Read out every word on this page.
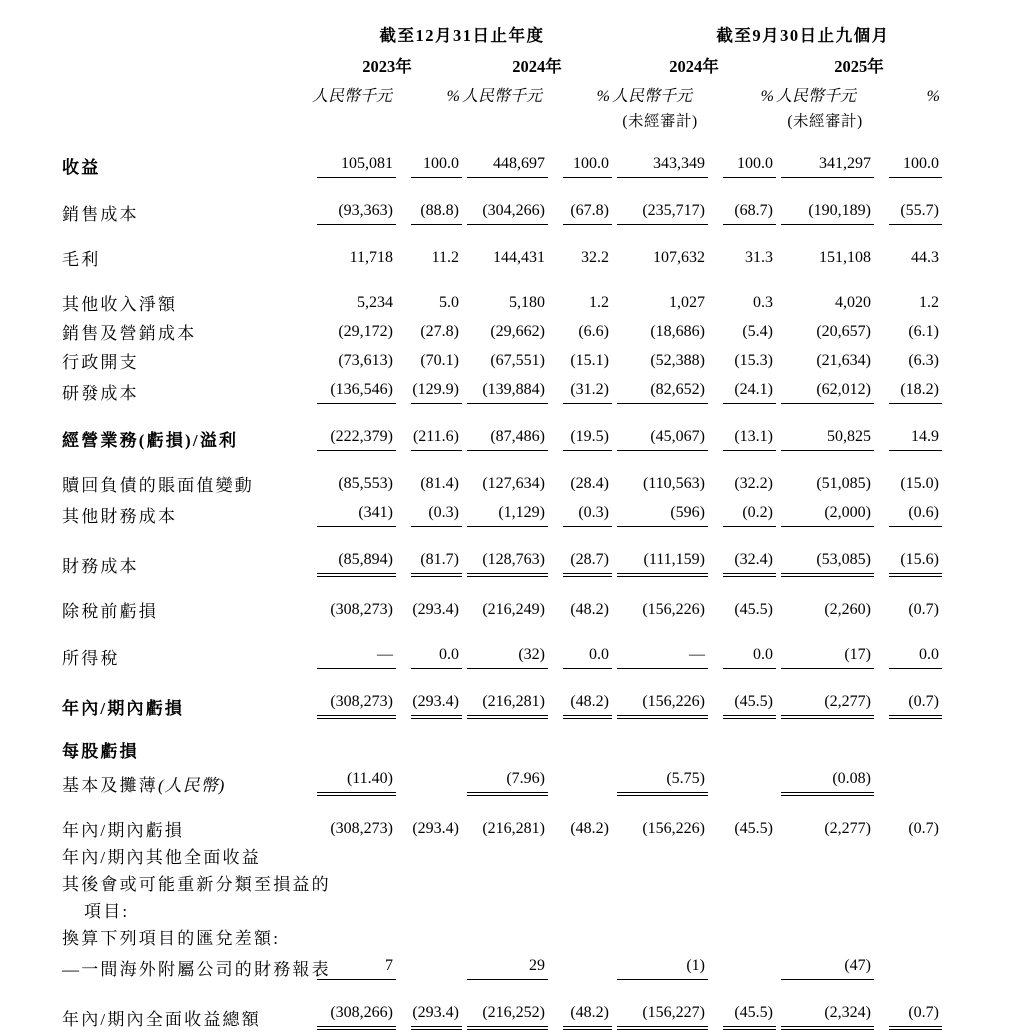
	截至12月31日止年度				截至9月30日止九個月			
	2023年		2024年		2024年		2025年	
	人民幣千元	%	人民幣千元	%	人民幣千元	%	人民幣千元	%
					(未經審計)		(未經審計)	
收益	105,081	100.0	448,697	100.0	343,349	100.0	341,297	100.0

銷售成本	(93,363)	(88.8)	(304,266)	(67.8)	(235,717)	(68.7)	(190,189)	(55.7)

毛利	11,718	11.2	144,431	32.2	107,632	31.3	151,108	44.3

其他收入淨額	5,234	5.0	5,180	1.2	1,027	0.3	4,020	1.2

銷售及營銷成本	(29,172)	(27.8)	(29,662)	(6.6)	(18,686)	(5.4)	(20,657)	(6.1)

行政開支	(73,613)	(70.1)	(67,551)	(15.1)	(52,388)	(15.3)	(21,634)	(6.3)

研發成本	(136,546)	(129.9)	(139,884)	(31.2)	(82,652)	(24.1)	(62,012)	(18.2)

經營業務(虧損)/溢利	(222,379)	(211.6)	(87,486)	(19.5)	(45,067)	(13.1)	50,825	14.9

贖回負債的賬面值變動	(85,553)	(81.4)	(127,634)	(28.4)	(110,563)	(32.2)	(51,085)	(15.0)

其他財務成本	(341)	(0.3)	(1,129)	(0.3)	(596)	(0.2)	(2,000)	(0.6)

財務成本	(85,894)	(81.7)	(128,763)	(28.7)	(111,159)	(32.4)	(53,085)	(15.6)

除稅前虧損	(308,273)	(293.4)	(216,249)	(48.2)	(156,226)	(45.5)	(2,260)	(0.7)

所得稅	—	0.0	(32)	0.0	—	0.0	(17)	0.0

年內/期內虧損	(308,273)	(293.4)	(216,281)	(48.2)	(156,226)	(45.5)	(2,277)	(0.7)

每股虧損	

基本及攤薄(人民幣)	(11.40)		(7.96)		(5.75)		(0.08)	

年內/期內虧損	(308,273)	(293.4)	(216,281)	(48.2)	(156,226)	(45.5)	(2,277)	(0.7)

年內/期內其他全面收益	

其後會或可能重新分類至損益的	

項目:	

換算下列項目的匯兌差額:	

—一間海外附屬公司的財務報表	7		29		(1)		(47)	

年內/期內全面收益總額	(308,266)	(293.4)	(216,252)	(48.2)	(156,227)	(45.5)	(2,324)	(0.7)
